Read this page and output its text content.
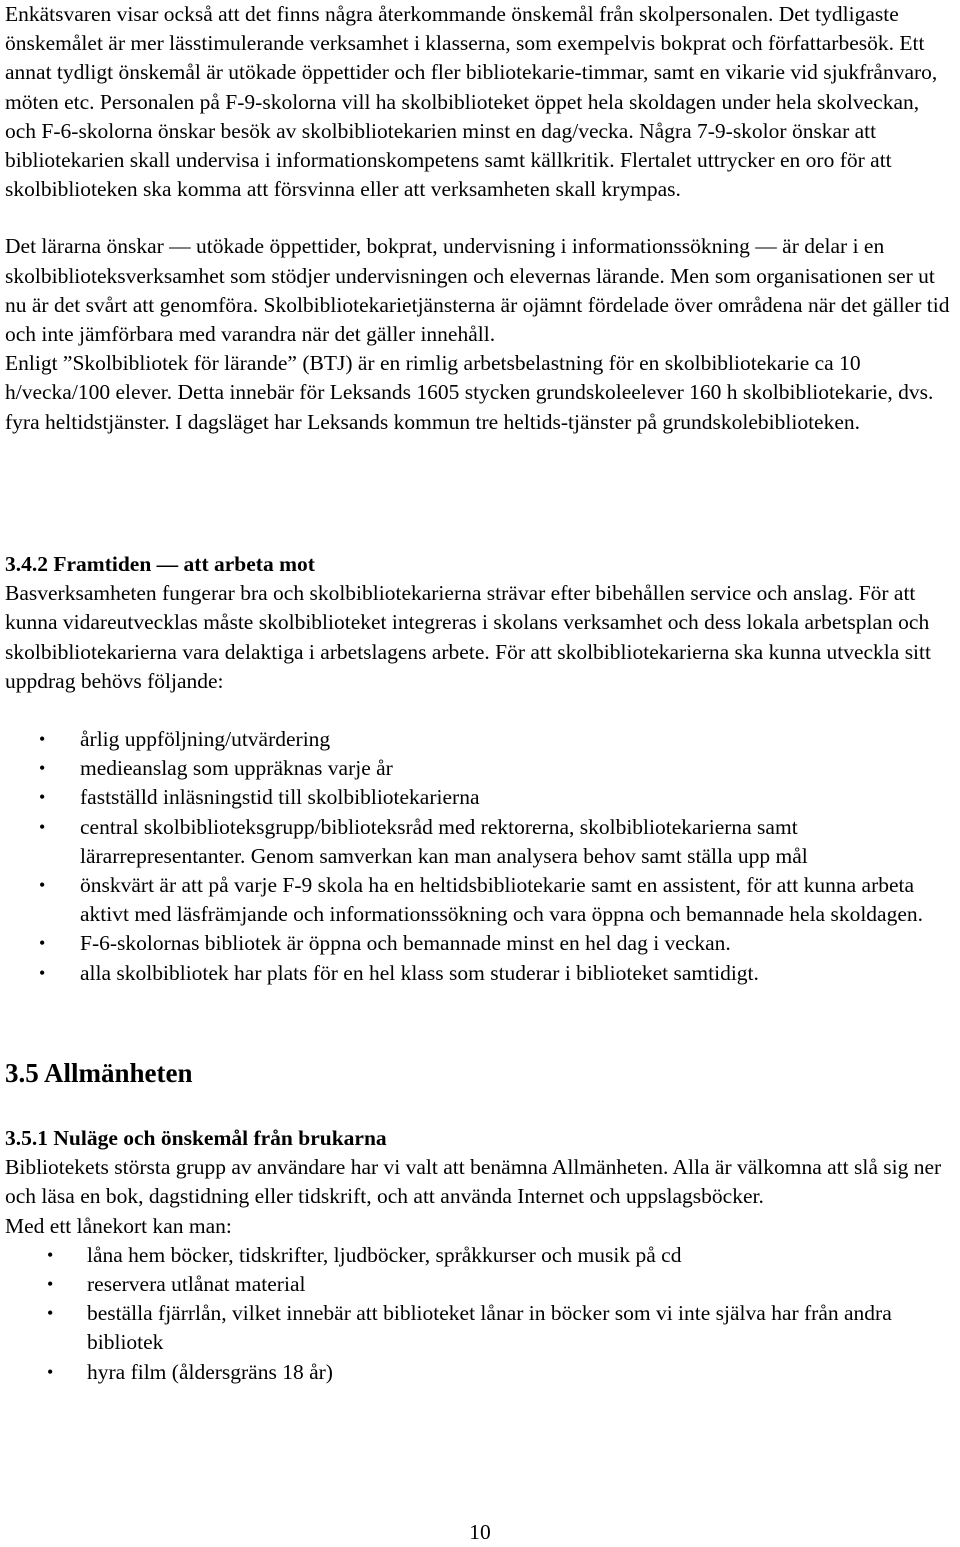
Enkätsvaren visar också att det finns några återkommande önskemål från skolpersonalen. Det tydligaste önskemålet är mer lässtimulerande verksamhet i klasserna, som exempelvis bokprat och författarbesök. Ett annat tydligt önskemål är utökade öppettider och fler bibliotekarie-timmar, samt en vikarie vid sjukfrånvaro, möten etc. Personalen på F-9-skolorna vill ha skolbiblioteket öppet hela skoldagen under hela skolveckan, och F-6-skolorna önskar besök av skolbibliotekarien minst en dag/vecka. Några 7-9-skolor önskar att bibliotekarien skall undervisa i informationskompetens samt källkritik. Flertalet uttrycker en oro för att skolbiblioteken ska komma att försvinna eller att verksamheten skall krympas.

Det lärarna önskar — utökade öppettider, bokprat, undervisning i informationssökning — är delar i en skolbiblioteksverksamhet som stödjer undervisningen och elevernas lärande. Men som organisationen ser ut nu är det svårt att genomföra. Skolbibliotekarietjänsterna är ojämnt fördelade över områdena när det gäller tid och inte jämförbara med varandra när det gäller innehåll.

Enligt ”Skolbibliotek för lärande” (BTJ) är en rimlig arbetsbelastning för en skolbibliotekarie ca 10 h/vecka/100 elever. Detta innebär för Leksands 1605 stycken grundskoleelever 160 h skolbibliotekarie, dvs. fyra heltidstjänster. I dagsläget har Leksands kommun tre heltids-tjänster på grundskolebiblioteken.

3.4.2 Framtiden — att arbeta mot

Basverksamheten fungerar bra och skolbibliotekarierna strävar efter bibehållen service och anslag. För att kunna vidareutvecklas måste skolbiblioteket integreras i skolans verksamhet och dess lokala arbetsplan och skolbibliotekarierna vara delaktiga i arbetslagens arbete. För att skolbibliotekarierna ska kunna utveckla sitt uppdrag behövs följande:

• årlig uppföljning/utvärdering
• medieanslag som uppräknas varje år
• fastställd inläsningstid till skolbibliotekarierna
• central skolbiblioteksgrupp/biblioteksråd med rektorerna, skolbibliotekarierna samt lärarrepresentanter. Genom samverkan kan man analysera behov samt ställa upp mål
• önskvärt är att på varje F-9 skola ha en heltidsbibliotekarie samt en assistent, för att kunna arbeta aktivt med läsfrämjande och informationssökning och vara öppna och bemannade hela skoldagen.
• F-6-skolornas bibliotek är öppna och bemannade minst en hel dag i veckan.
• alla skolbibliotek har plats för en hel klass som studerar i biblioteket samtidigt.
3.5 Allmänheten
3.5.1 Nuläge och önskemål från brukarna

Bibliotekets största grupp av användare har vi valt att benämna Allmänheten. Alla är välkomna att slå sig ner och läsa en bok, dagstidning eller tidskrift, och att använda Internet och uppslagsböcker.

Med ett lånekort kan man:

• låna hem böcker, tidskrifter, ljudböcker, språkkurser och musik på cd
• reservera utlånat material
• beställa fjärrlån, vilket innebär att biblioteket lånar in böcker som vi inte själva har från andra bibliotek
• hyra film (åldersgräns 18 år)
10
